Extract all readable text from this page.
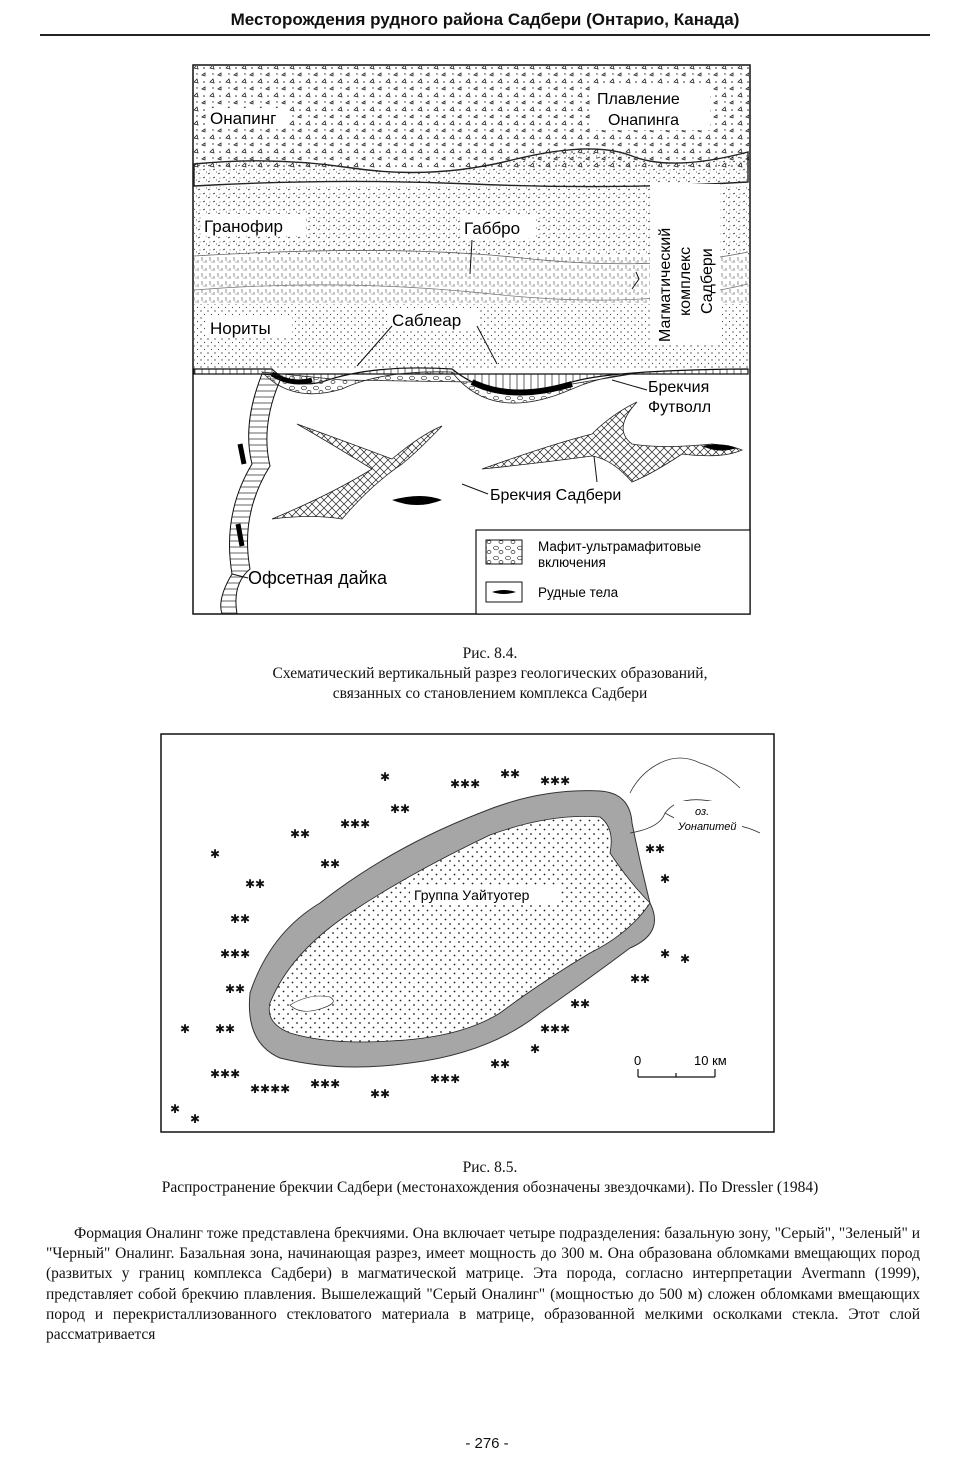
Месторождения рудного района Садбери (Онтарио, Канада)
Онапинг
Плавление
Онапинга
Гранофир	Габбро
Нориты	Саблеар	Магматический комплекс Садбери
Брекчия
Футволл
Брекчия Садбери
Офсетная дайка
Мафит-ультрамафитовые
включения
Рудные тела
Рис. 8.4.
Схематический вертикальный разрез геологических образований,
связанных со становлением комплекса Садбери
✱
✱✱
✱✱
✱✱✱
✱✱
✱✱
✱✱✱
✱✱✱✱ ✱✱✱
✱✱
✱✱✱
✱✱
✱✱✱
✱✱
✱✱
✱ ✱
✱✱
✱✱✱
✱✱
✱✱✱
✱✱ ✱✱✱
✱
✱✱
✱
✱
✱
✱✱
✱
✱
оз.
Уонапитей
Группа Уайтуотер
0	10 км
Рис. 8.5.
Распространение брекчии Садбери (местонахождения обозначены звездочками). По Dressler (1984)

Формация Оналинг тоже представлена брекчиями. Она включает четыре подразделения: базальную зону, "Серый", "Зеленый" и "Черный" Оналинг. Базальная зона, начинающая разрез, имеет мощность до 300 м. Она образована обломками вмещающих пород (развитых у границ комплекса Садбери) в магматической матрице. Эта порода, согласно интерпретации Avermann (1999), представляет собой брекчию плавления. Вышележащий "Серый Оналинг" (мощностью до 500 м) сложен обломками вмещающих пород и перекристаллизованного стекловатого материала в матрице, образованной мелкими осколками стекла. Этот слой рассматривается

- 276 -
